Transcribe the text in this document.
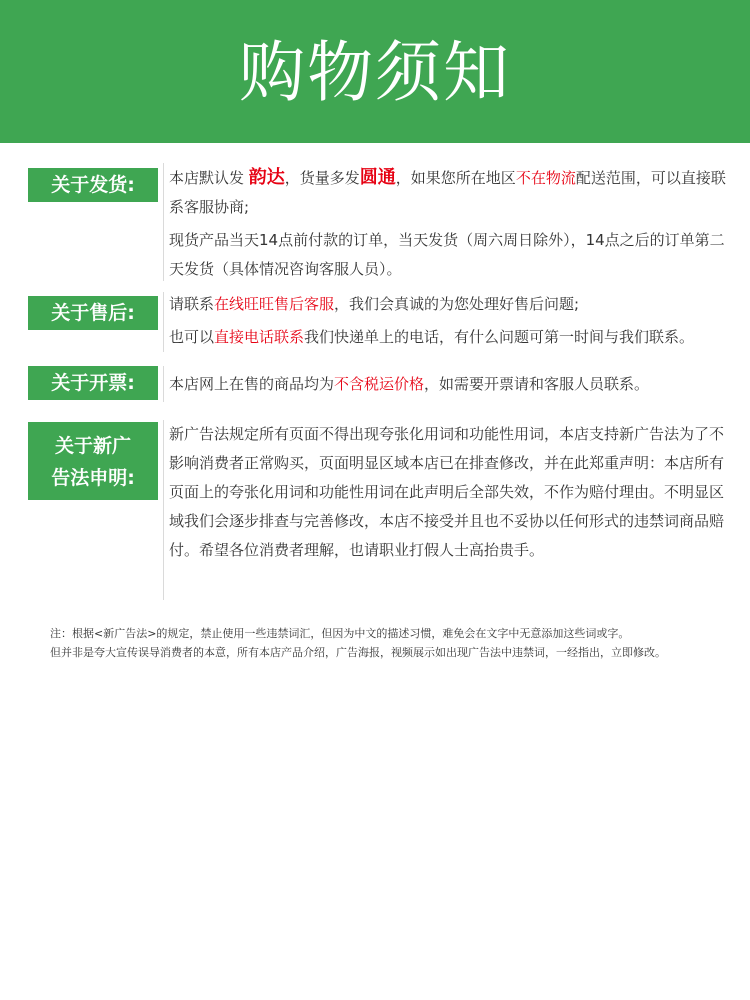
购物须知
关于发货:	本店默认发 韵达，货量多发圆通，如果您所在地区不在物流配送范围，可以直接联系客服协商;
现货产品当天14点前付款的订单，当天发货（周六周日除外），14点之后的订单第二天发货（具体情况咨询客服人员）。
关于售后:	请联系在线旺旺售后客服，我们会真诚的为您处理好售后问题;
也可以直接电话联系我们快递单上的电话，有什么问题可第一时间与我们联系。
关于开票:	本店网上在售的商品均为不含税运价格，如需要开票请和客服人员联系。
关于新广
告法申明:
新广告法规定所有页面不得出现夸张化用词和功能性用词，本店支持新广告法为了不影响消费者正常购买，页面明显区域本店已在排查修改，并在此郑重声明：本店所有页面上的夸张化用词和功能性用词在此声明后全部失效，不作为赔付理由。不明显区域我们会逐步排查与完善修改，本店不接受并且也不妥协以任何形式的违禁词商品赔付。希望各位消费者理解，也请职业打假人士高抬贵手。
注：根据<新广告法>的规定，禁止使用一些违禁词汇，但因为中文的描述习惯，难免会在文字中无意添加这些词或字。
但并非是夸大宣传误导消费者的本意，所有本店产品介绍，广告海报，视频展示如出现广告法中违禁词，一经指出，立即修改。
